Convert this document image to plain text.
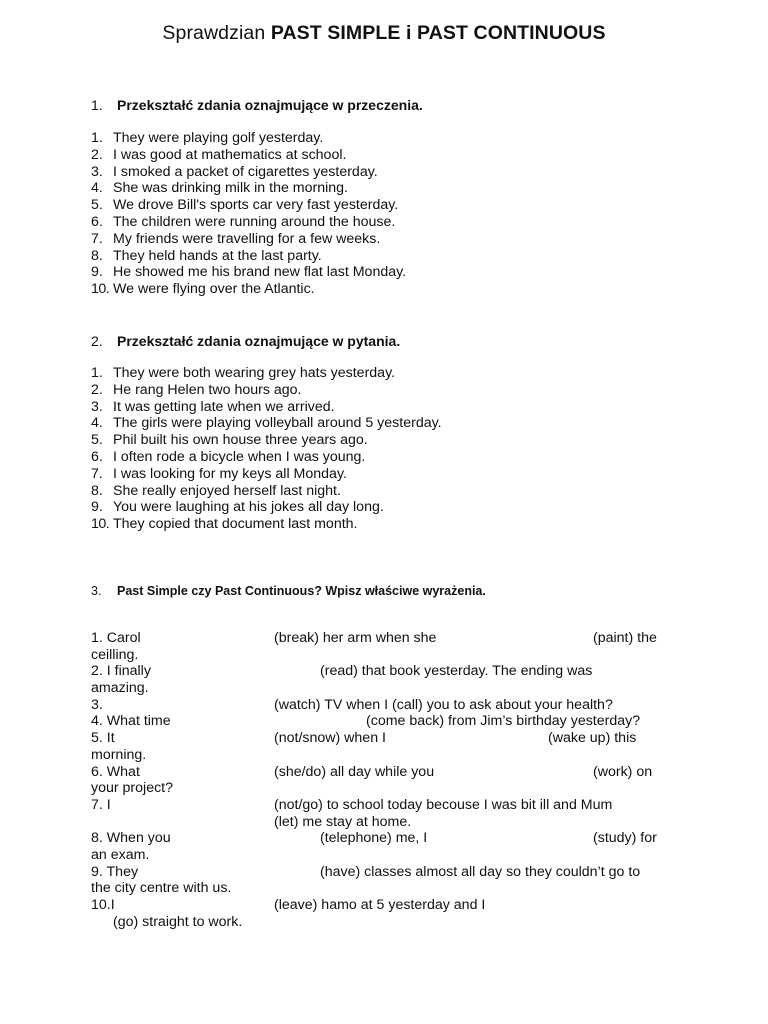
Sprawdzian PAST SIMPLE i PAST CONTINUOUS
1. Przekształć zdania oznajmujące w przeczenia.
1. They were playing golf yesterday.
2. I was good at mathematics at school.
3. I smoked a packet of cigarettes yesterday.
4. She was drinking milk in the morning.
5. We drove Bill's sports car very fast yesterday.
6. The children were running around the house.
7. My friends were travelling for a few weeks.
8. They held hands at the last party.
9. He showed me his brand new flat last Monday.
10. We were flying over the Atlantic.
2. Przekształć zdania oznajmujące w pytania.
1. They were both wearing grey hats yesterday.
2. He rang Helen two hours ago.
3. It was getting late when we arrived.
4. The girls were playing volleyball around 5 yesterday.
5. Phil built his own house three years ago.
6. I often rode a bicycle when I was young.
7. I was looking for my keys all Monday.
8. She really enjoyed herself last night.
9. You were laughing at his jokes all day long.
10. They copied that document last month.
3. Past Simple czy Past Continuous? Wpisz właściwe wyrażenia.
1. Carol	(break) her arm when she	(paint) the
ceilling.
2. I finally	(read) that book yesterday. The ending was
amazing.
3.	(watch) TV when I (call) you to ask about your health?
4. What time	(come back) from Jim’s birthday yesterday?
5. It	(not/snow) when I	(wake up) this
morning.
6. What	(she/do) all day while you	(work) on
your project?
7. I	(not/go) to school today becouse I was bit ill and Mum
(let) me stay at home.
8. When you	(telephone) me, I	(study) for
an exam.
9. They	(have) classes almost all day so they couldn’t go to
the city centre with us.
10.I	(leave) hamo at 5 yesterday and I
(go) straight to work.
